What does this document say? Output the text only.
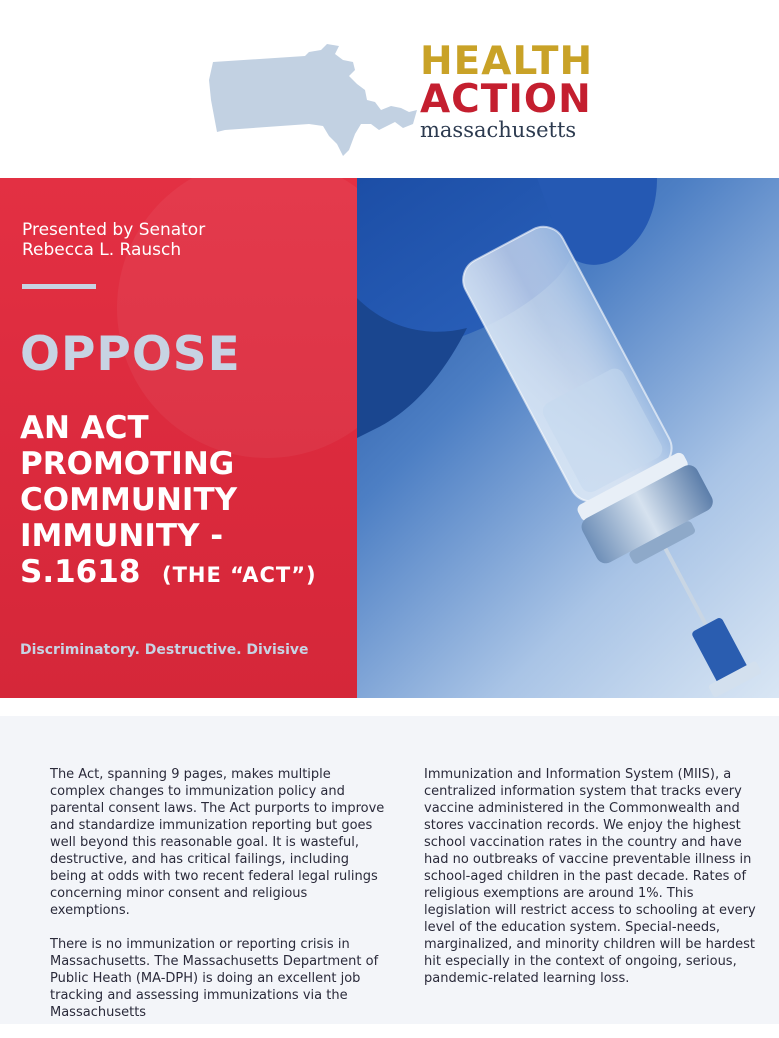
HEALTH
ACTION
massachusetts
Presented by Senator
Rebecca L. Rausch
OPPOSE
AN ACT
PROMOTING
COMMUNITY
IMMUNITY -
S.1618 (THE “ACT”)
Discriminatory. Destructive. Divisive

The Act, spanning 9 pages, makes multiple complex changes to immunization policy and parental consent laws. The Act purports to improve and standardize immunization reporting but goes well beyond this reasonable goal. It is wasteful, destructive, and has critical failings, including being at odds with two recent federal legal rulings concerning minor consent and religious exemptions.

There is no immunization or reporting crisis in Massachusetts. The Massachusetts Department of Public Heath (MA-DPH) is doing an excellent job tracking and assessing immunizations via the Massachusetts

Immunization and Information System (MIIS), a centralized information system that tracks every vaccine administered in the Commonwealth and stores vaccination records. We enjoy the highest school vaccination rates in the country and have had no outbreaks of vaccine preventable illness in school-aged children in the past decade. Rates of religious exemptions are around 1%. This legislation will restrict access to schooling at every level of the education system. Special-needs, marginalized, and minority children will be hardest hit especially in the context of ongoing, serious, pandemic-related learning loss.
